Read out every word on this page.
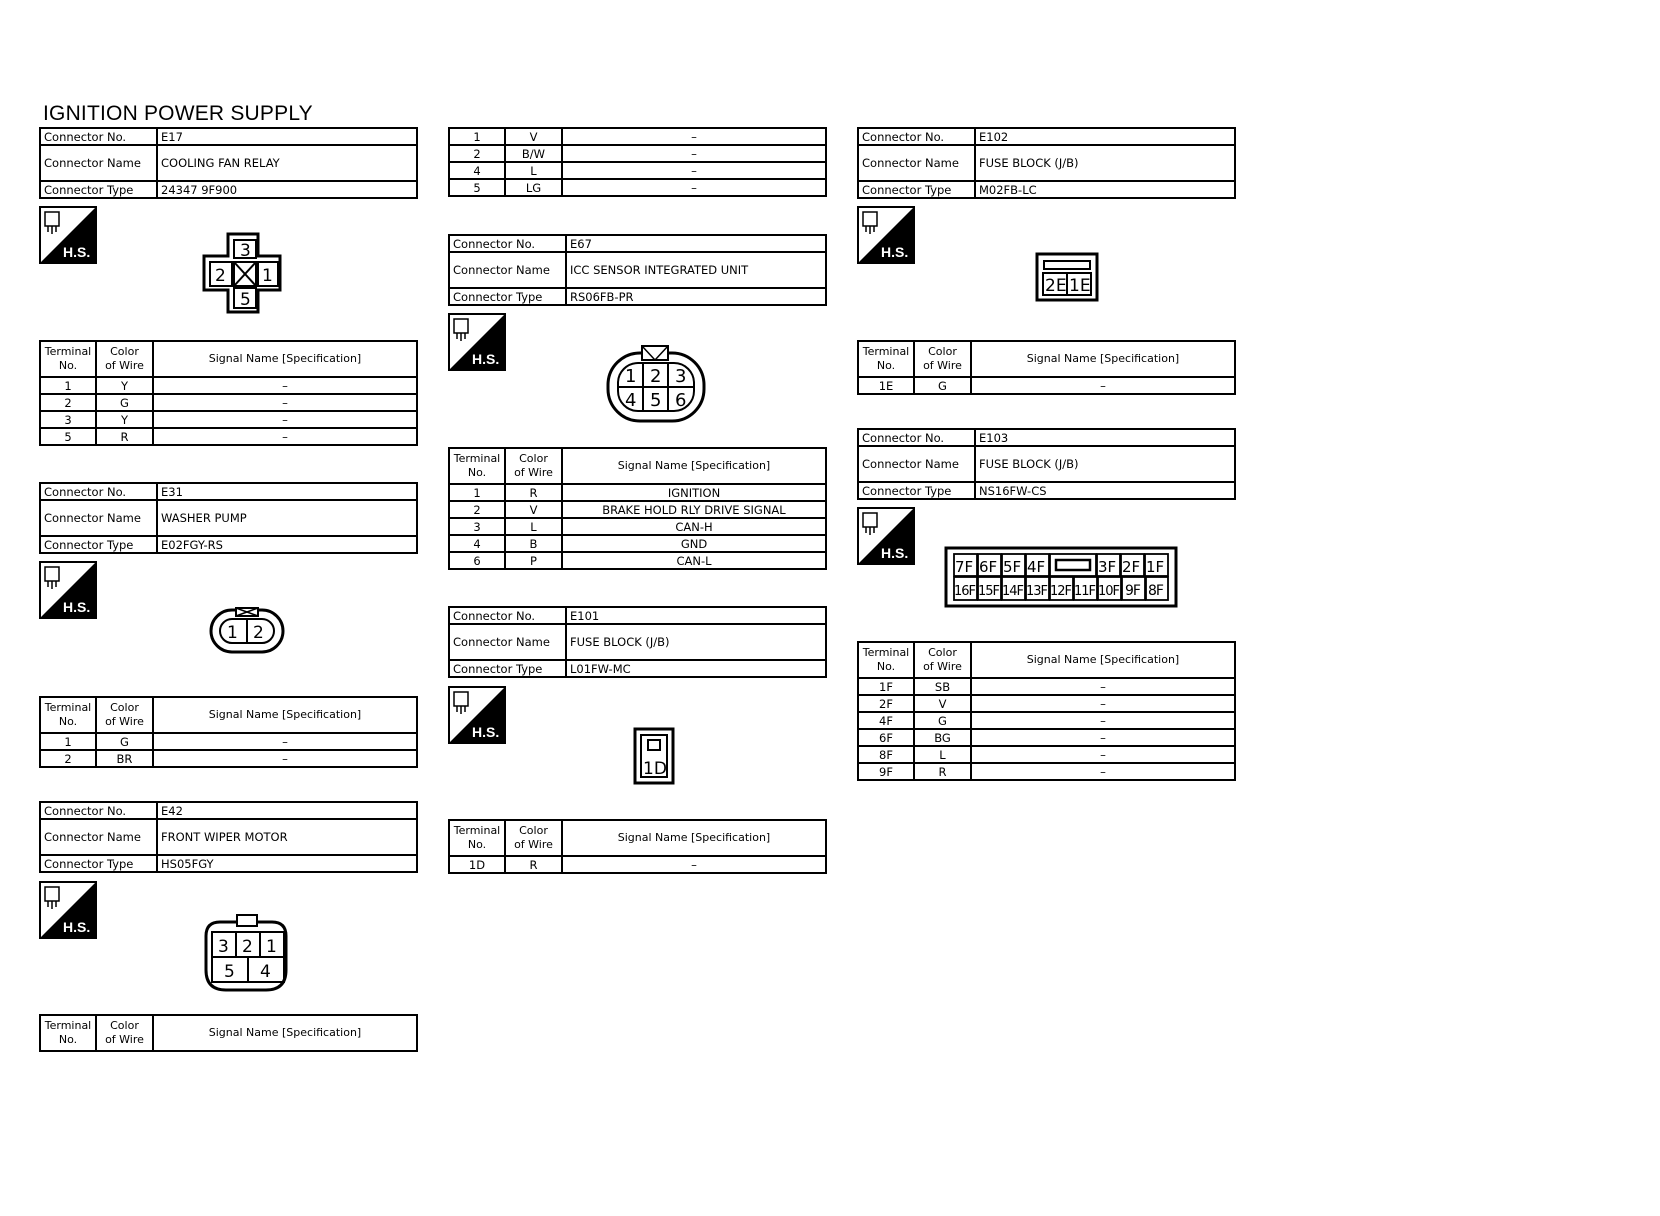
IGNITION POWER SUPPLY
Connector No.	E17
Connector Name	COOLING FAN RELAY
Connector Type	24347 9F900
H.S.	3
2 1
5
Terminal
No.	Color
of Wire	Signal Name [Specification]
1	Y	–
2	G	–
3	Y	–
5	R	–
Connector No.	E31
Connector Name	WASHER PUMP
Connector Type	E02FGY-RS
H.S.
1 2
Terminal
No.	Color
of Wire	Signal Name [Specification]
1	G	–
2	BR	–
Connector No.	E42
Connector Name	FRONT WIPER MOTOR
Connector Type	HS05FGY
H.S.
3 2 1
5 4
Terminal
No.	Color
of Wire	Signal Name [Specification]
1	V	–
2	B/W	–
4	L	–
5	LG	–
Connector No.	E67
Connector Name	ICC SENSOR INTEGRATED UNIT
Connector Type	RS06FB-PR
H.S.
1 2 3
4 5 6
Terminal
No.	Color
of Wire	Signal Name [Specification]
1	R	IGNITION
2	V	BRAKE HOLD RLY DRIVE SIGNAL
3	L	CAN-H
4	B	GND
6	P	CAN-L
Connector No.	E101
Connector Name	FUSE BLOCK (J/B)
Connector Type	L01FW-MC
H.S.
1D
Terminal
No.	Color
of Wire	Signal Name [Specification]
1D	R	–
Connector No.	E102
Connector Name	FUSE BLOCK (J/B)
Connector Type	M02FB-LC
H.S.
2E 1E
Terminal
No.	Color
of Wire	Signal Name [Specification]
1E	G	–
Connector No.	E103
Connector Name	FUSE BLOCK (J/B)
Connector Type	NS16FW-CS
H.S.
7F 6F 5F 4F	3F 2F 1F
16F 15F 14F 13F 12F 11F 10F 9F 8F
Terminal
No.	Color
of Wire	Signal Name [Specification]
1F	SB	–
2F	V	–
4F	G	–
6F	BG	–
8F	L	–
9F	R	–
